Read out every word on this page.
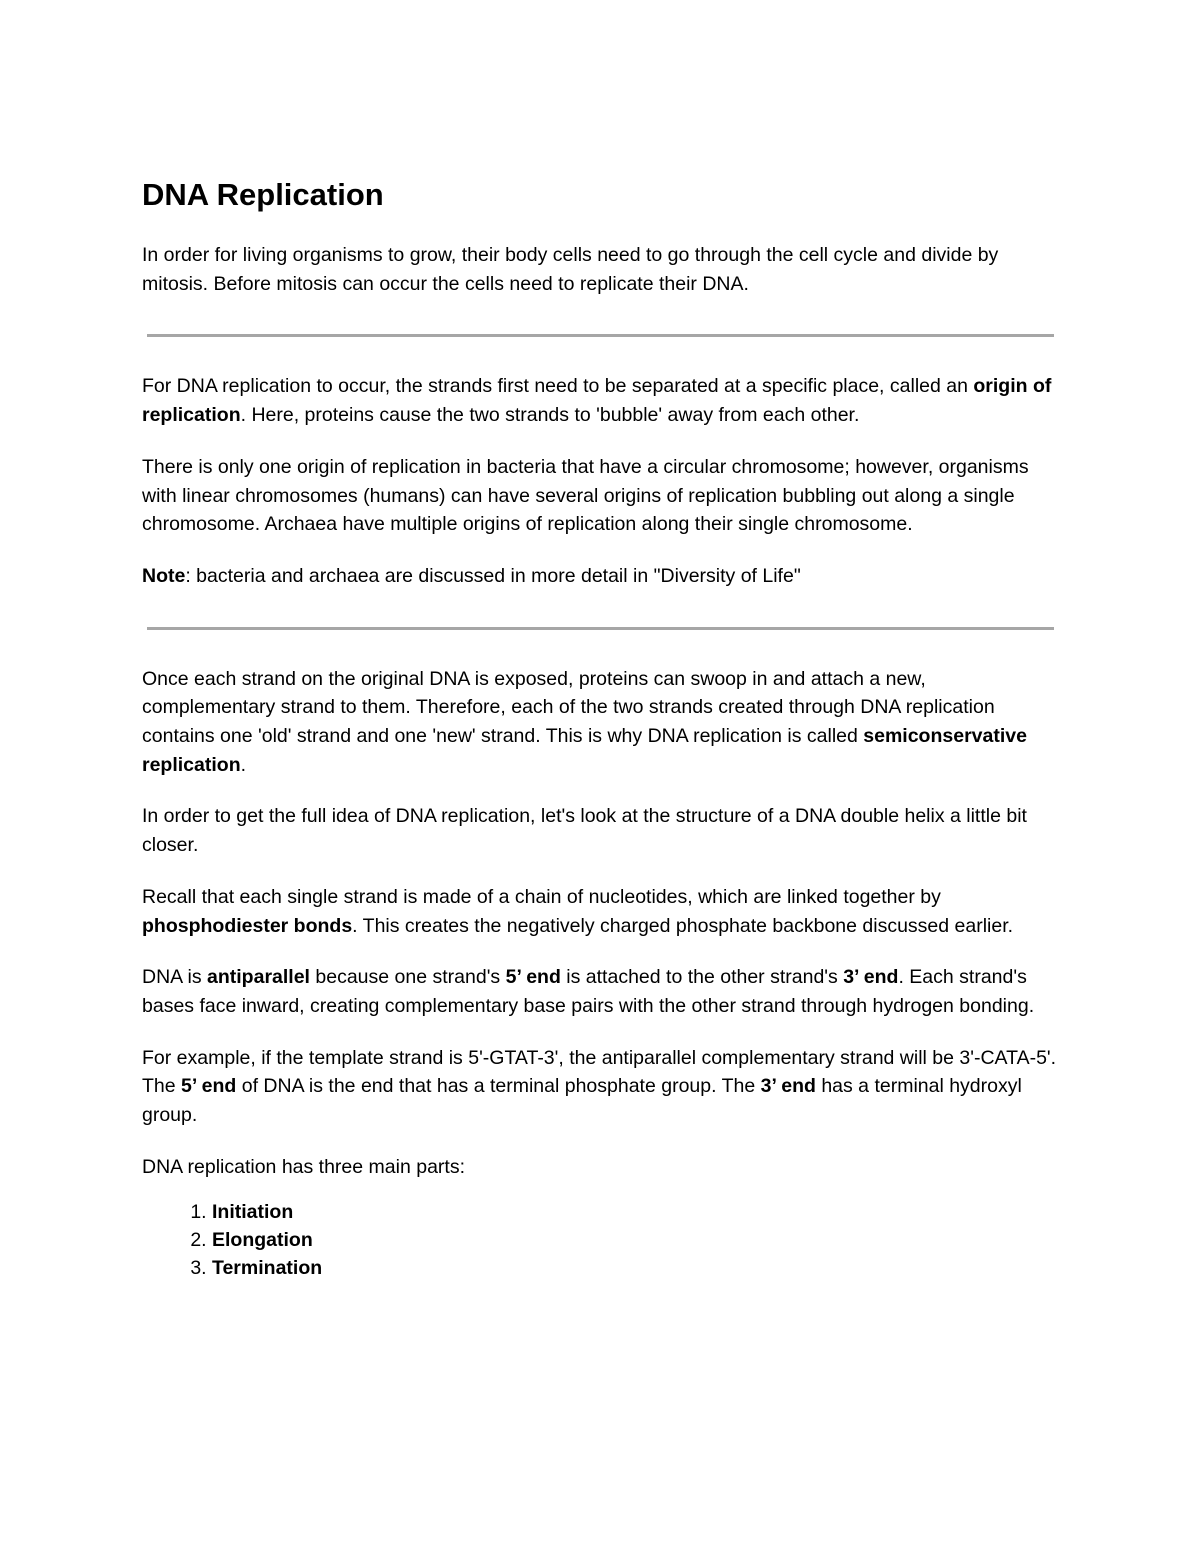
DNA Replication

In order for living organisms to grow, their body cells need to go through the cell cycle and divide by mitosis. Before mitosis can occur the cells need to replicate their DNA.

For DNA replication to occur, the strands first need to be separated at a specific place, called an origin of replication. Here, proteins cause the two strands to 'bubble' away from each other.

There is only one origin of replication in bacteria that have a circular chromosome; however, organisms with linear chromosomes (humans) can have several origins of replication bubbling out along a single chromosome. Archaea have multiple origins of replication along their single chromosome.

Note: bacteria and archaea are discussed in more detail in "Diversity of Life"

Once each strand on the original DNA is exposed, proteins can swoop in and attach a new, complementary strand to them. Therefore, each of the two strands created through DNA replication contains one 'old' strand and one 'new' strand. This is why DNA replication is called semiconservative replication.

In order to get the full idea of DNA replication, let's look at the structure of a DNA double helix a little bit closer.

Recall that each single strand is made of a chain of nucleotides, which are linked together by phosphodiester bonds. This creates the negatively charged phosphate backbone discussed earlier.

DNA is antiparallel because one strand's 5’ end is attached to the other strand's 3’ end. Each strand's bases face inward, creating complementary base pairs with the other strand through hydrogen bonding.

For example, if the template strand is 5'-GTAT-3', the antiparallel complementary strand will be 3'-CATA-5'. The 5’ end of DNA is the end that has a terminal phosphate group. The 3’ end has a terminal hydroxyl group.

DNA replication has three main parts:

1. Initiation
2. Elongation
3. Termination
